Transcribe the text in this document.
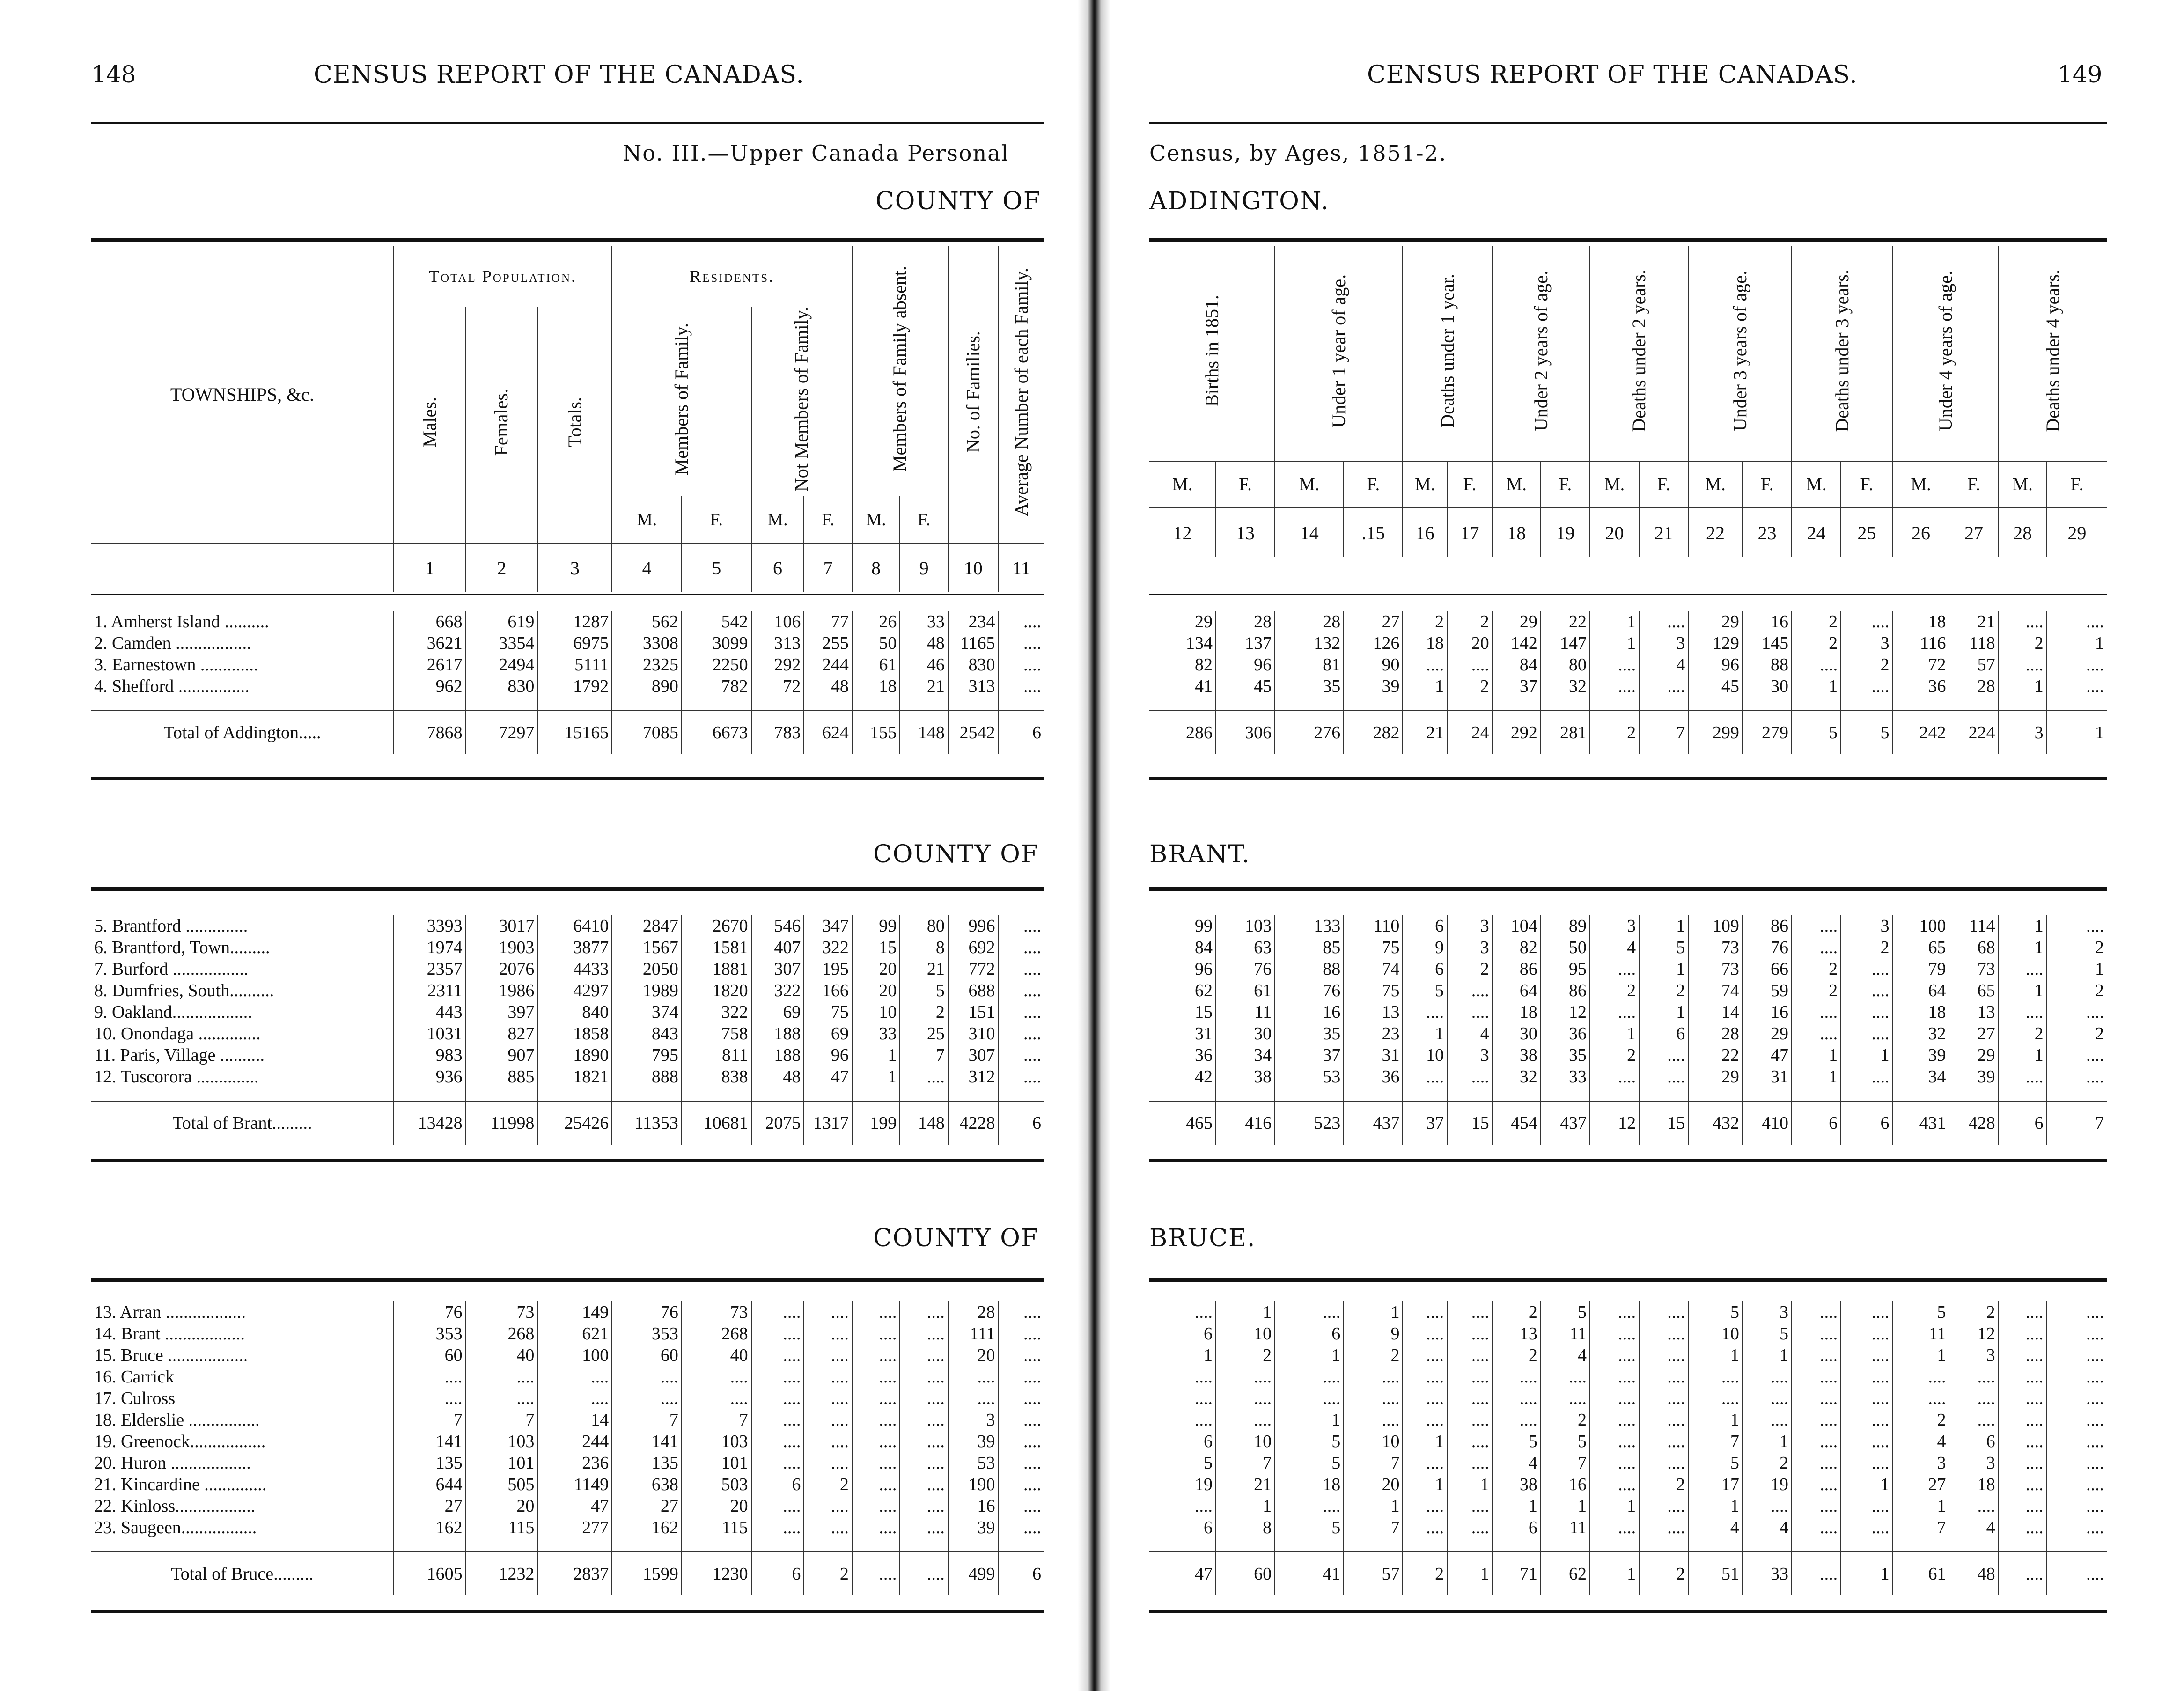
148	CENSUS REPORT OF THE CANADAS.
No. III.—Upper Canada Personal
COUNTY OF
TOWNSHIPS, &c.	Total Population.			Residents.				Members of Family absent.		No. of Families.	Average Number of each Family.
	Males.	Females.	Totals.	Members of Family.		Not Members of Family.					
				M.	F.	M.	F.	M.	F.		
	1	2	3	4	5	6	7	8	9	10	11
1. Amherst Island ..........	668	619	1287	562	542	106	77	26	33	234	....
2. Camden .................	3621	3354	6975	3308	3099	313	255	50	48	1165	....
3. Earnestown .............	2617	2494	5111	2325	2250	292	244	61	46	830	....
4. Shefford ................	962	830	1792	890	782	72	48	18	21	313	....

Total of Addington.....	7868	7297	15165	7085	6673	783	624	155	148	2542	6
COUNTY OF
5. Brantford ..............	3393	3017	6410	2847	2670	546	347	99	80	996	....
6. Brantford, Town.........	1974	1903	3877	1567	1581	407	322	15	8	692	....
7. Burford .................	2357	2076	4433	2050	1881	307	195	20	21	772	....
8. Dumfries, South..........	2311	1986	4297	1989	1820	322	166	20	5	688	....
9. Oakland..................	443	397	840	374	322	69	75	10	2	151	....
10. Onondaga ..............	1031	827	1858	843	758	188	69	33	25	310	....
11. Paris, Village ..........	983	907	1890	795	811	188	96	1	7	307	....
12. Tuscorora ..............	936	885	1821	888	838	48	47	1	....	312	....

Total of Brant.........	13428	11998	25426	11353	10681	2075	1317	199	148	4228	6
COUNTY OF
13. Arran ..................	76	73	149	76	73	....	....	....	....	28	....
14. Brant ..................	353	268	621	353	268	....	....	....	....	111	....
15. Bruce ..................	60	40	100	60	40	....	....	....	....	20	....
16. Carrick	....	....	....	....	....	....	....	....	....	....	....
17. Culross	....	....	....	....	....	....	....	....	....	....	....
18. Elderslie ................	7	7	14	7	7	....	....	....	....	3	....
19. Greenock.................	141	103	244	141	103	....	....	....	....	39	....
20. Huron ..................	135	101	236	135	101	....	....	....	....	53	....
21. Kincardine ..............	644	505	1149	638	503	6	2	....	....	190	....
22. Kinloss..................	27	20	47	27	20	....	....	....	....	16	....
23. Saugeen.................	162	115	277	162	115	....	....	....	....	39	....

Total of Bruce.........	1605	1232	2837	1599	1230	6	2	....	....	499	6
CENSUS REPORT OF THE CANADAS.	149
Census, by Ages, 1851-2.
ADDINGTON.
Births in 1851.		Under 1 year of age.		Deaths under 1 year.		Under 2 years of age.		Deaths under 2 years.		Under 3 years of age.		Deaths under 3 years.		Under 4 years of age.		Deaths under 4 years.	
M.	F.	M.	F.	M.	F.	M.	F.	M.	F.	M.	F.	M.	F.	M.	F.	M.	F.
12	13	14	.15	16	17	18	19	20	21	22	23	24	25	26	27	28	29
29	28	28	27	2	2	29	22	1	....	29	16	2	....	18	21	....	....
134	137	132	126	18	20	142	147	1	3	129	145	2	3	116	118	2	1
82	96	81	90	....	....	84	80	....	4	96	88	....	2	72	57	....	....
41	45	35	39	1	2	37	32	....	....	45	30	1	....	36	28	1	....

286	306	276	282	21	24	292	281	2	7	299	279	5	5	242	224	3	1
BRANT.
99	103	133	110	6	3	104	89	3	1	109	86	....	3	100	114	1	....
84	63	85	75	9	3	82	50	4	5	73	76	....	2	65	68	1	2
96	76	88	74	6	2	86	95	....	1	73	66	2	....	79	73	....	1
62	61	76	75	5	....	64	86	2	2	74	59	2	....	64	65	1	2
15	11	16	13	....	....	18	12	....	1	14	16	....	....	18	13	....	....
31	30	35	23	1	4	30	36	1	6	28	29	....	....	32	27	2	2
36	34	37	31	10	3	38	35	2	....	22	47	1	1	39	29	1	....
42	38	53	36	....	....	32	33	....	....	29	31	1	....	34	39	....	....

465	416	523	437	37	15	454	437	12	15	432	410	6	6	431	428	6	7
BRUCE.
....	1	....	1	....	....	2	5	....	....	5	3	....	....	5	2	....	....
6	10	6	9	....	....	13	11	....	....	10	5	....	....	11	12	....	....
1	2	1	2	....	....	2	4	....	....	1	1	....	....	1	3	....	....
....	....	....	....	....	....	....	....	....	....	....	....	....	....	....	....	....	....
....	....	....	....	....	....	....	....	....	....	....	....	....	....	....	....	....	....
....	....	1	....	....	....	....	2	....	....	1	....	....	....	2	....	....	....
6	10	5	10	1	....	5	5	....	....	7	1	....	....	4	6	....	....
5	7	5	7	....	....	4	7	....	....	5	2	....	....	3	3	....	....
19	21	18	20	1	1	38	16	....	2	17	19	....	1	27	18	....	....
....	1	....	1	....	....	1	1	1	....	1	....	....	....	1	....	....	....
6	8	5	7	....	....	6	11	....	....	4	4	....	....	7	4	....	....

47	60	41	57	2	1	71	62	1	2	51	33	....	1	61	48	....	....
